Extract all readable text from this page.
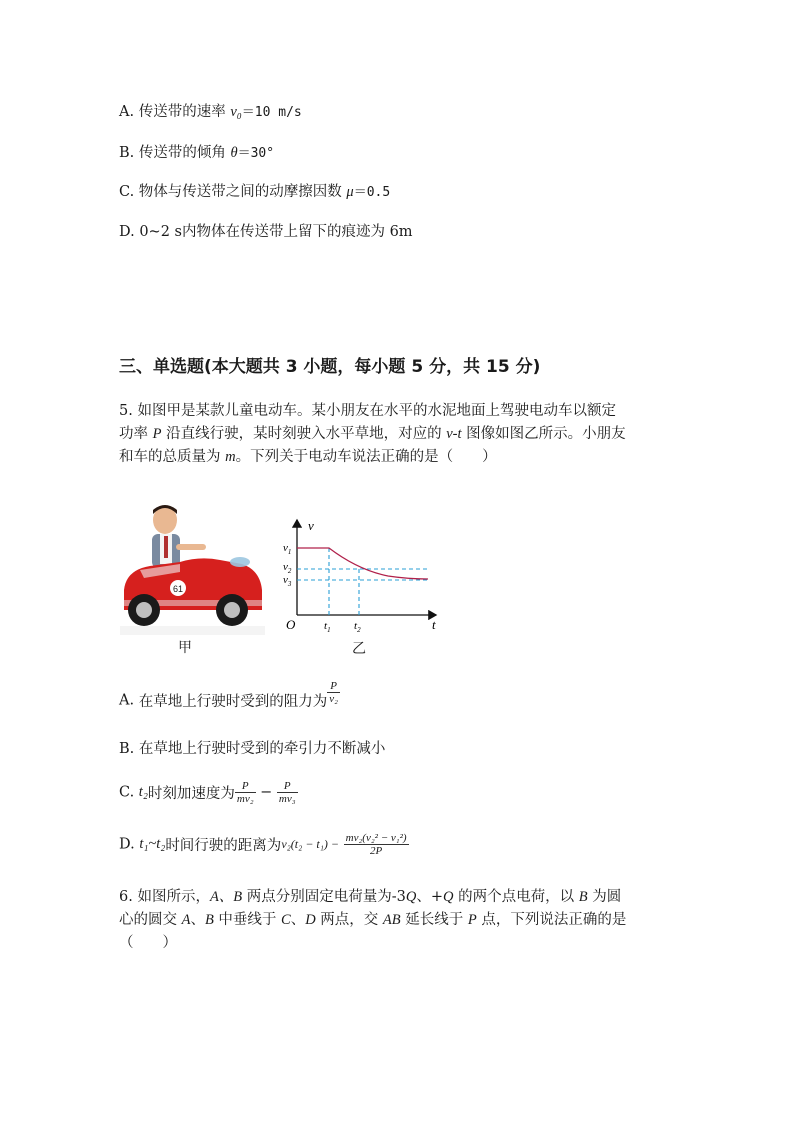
A. 传送带的速率 v₀＝10 m/s
B. 传送带的倾角 θ＝30°
C. 物体与传送带之间的动摩擦因数 μ＝0.5
D. 0~2 s内物体在传送带上留下的痕迹为 6m
三、单选题(本大题共 3 小题，每小题 5 分，共 15 分)
5. 如图甲是某款儿童电动车。某小朋友在水平的水泥地面上驾驶电动车以额定
功率 P 沿直线行驶，某时刻驶入水平草地，对应的 v-t 图像如图乙所示。小朋友
和车的总质量为 m。下列关于电动车说法正确的是（　　）
61
甲
v
O	t
$v_1$
$v_2$
$v_3$
$t_1$ $t_2$
乙
A. 在草地上行驶时受到的阻力为 $\frac{P}{\text{v₂}}$
B. 在草地上行驶时受到的牵引力不断减小
C. t₂时刻加速度为 $\frac{P}{\text{mv₂}} - \frac{P}{\text{mv₃}}$
D. t₁~t₂时间行驶的距离为$v_2(t_2 - t_1) - \frac{\text{mv₂(v₂² − v₁²)}}{2P}$
6. 如图所示，A、B 两点分别固定电荷量为-3Q、+Q 的两个点电荷，以 B 为圆
心的圆交 A、B 中垂线于 C、D 两点，交 AB 延长线于 P 点，下列说法正确的是
（　　）
